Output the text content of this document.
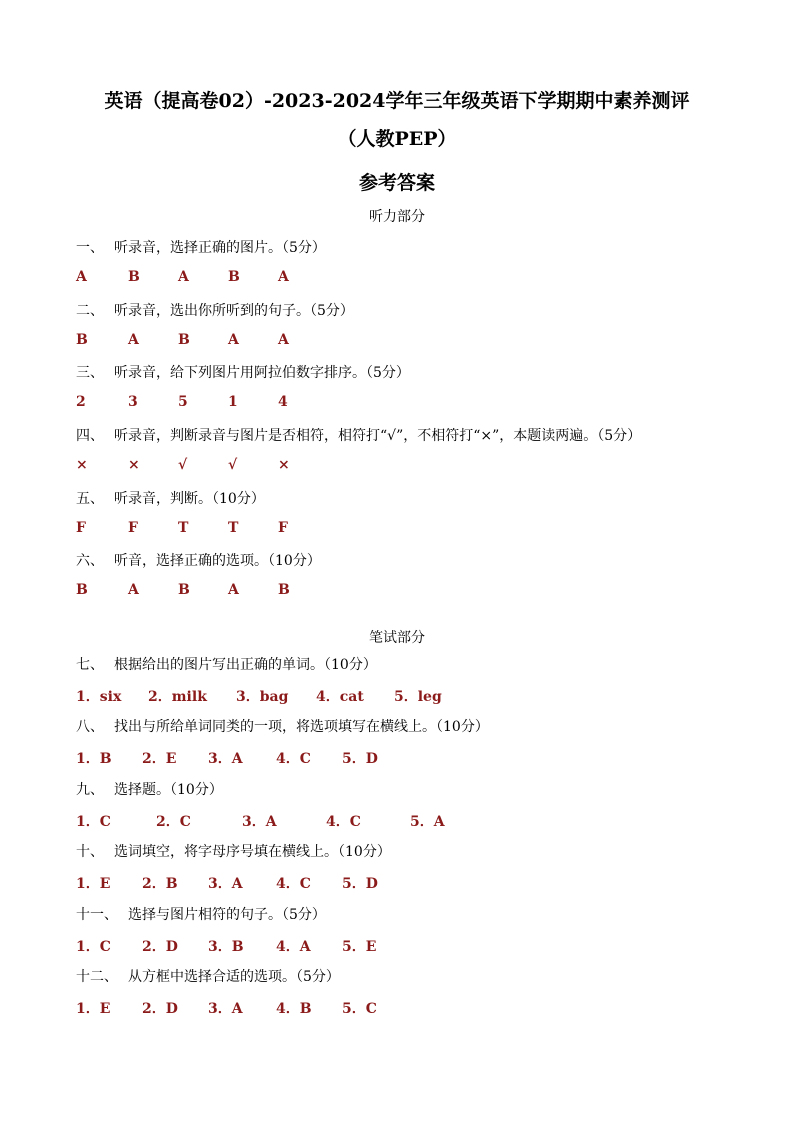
英语（提高卷02）-2023-2024学年三年级英语下学期期中素养测评
（人教PEP）
参考答案
听力部分
笔试部分
一、 听录音，选择正确的图片。（5分）
A	B	A	B	A
二、 听录音，选出你所听到的句子。（5分）
B	A	B	A	A
三、 听录音，给下列图片用阿拉伯数字排序。（5分）
2	3	5	1	4
四、 听录音，判断录音与图片是否相符，相符打“√”，不相符打“×”，本题读两遍。（5分）
×	×	√	√	×
五、 听录音，判断。（10分）
F	F	T	T	F
六、 听音，选择正确的选项。（10分）
B	A	B	A	B
七、 根据给出的图片写出正确的单词。（10分）
1．six 2．milk 3．bag 4．cat 5．leg
八、 找出与所给单词同类的一项，将选项填写在横线上。（10分）
1．B 2．E 3．A 4．C 5．D
九、 选择题。（10分）
1．C	2．C	3．A	4．C	5．A
十、 选词填空，将字母序号填在横线上。（10分）
1．E 2．B 3．A 4．C 5．D
十一、 选择与图片相符的句子。（5分）
1．C 2．D 3．B 4．A 5．E
十二、 从方框中选择合适的选项。（5分）
1．E 2．D 3．A 4．B 5．C
